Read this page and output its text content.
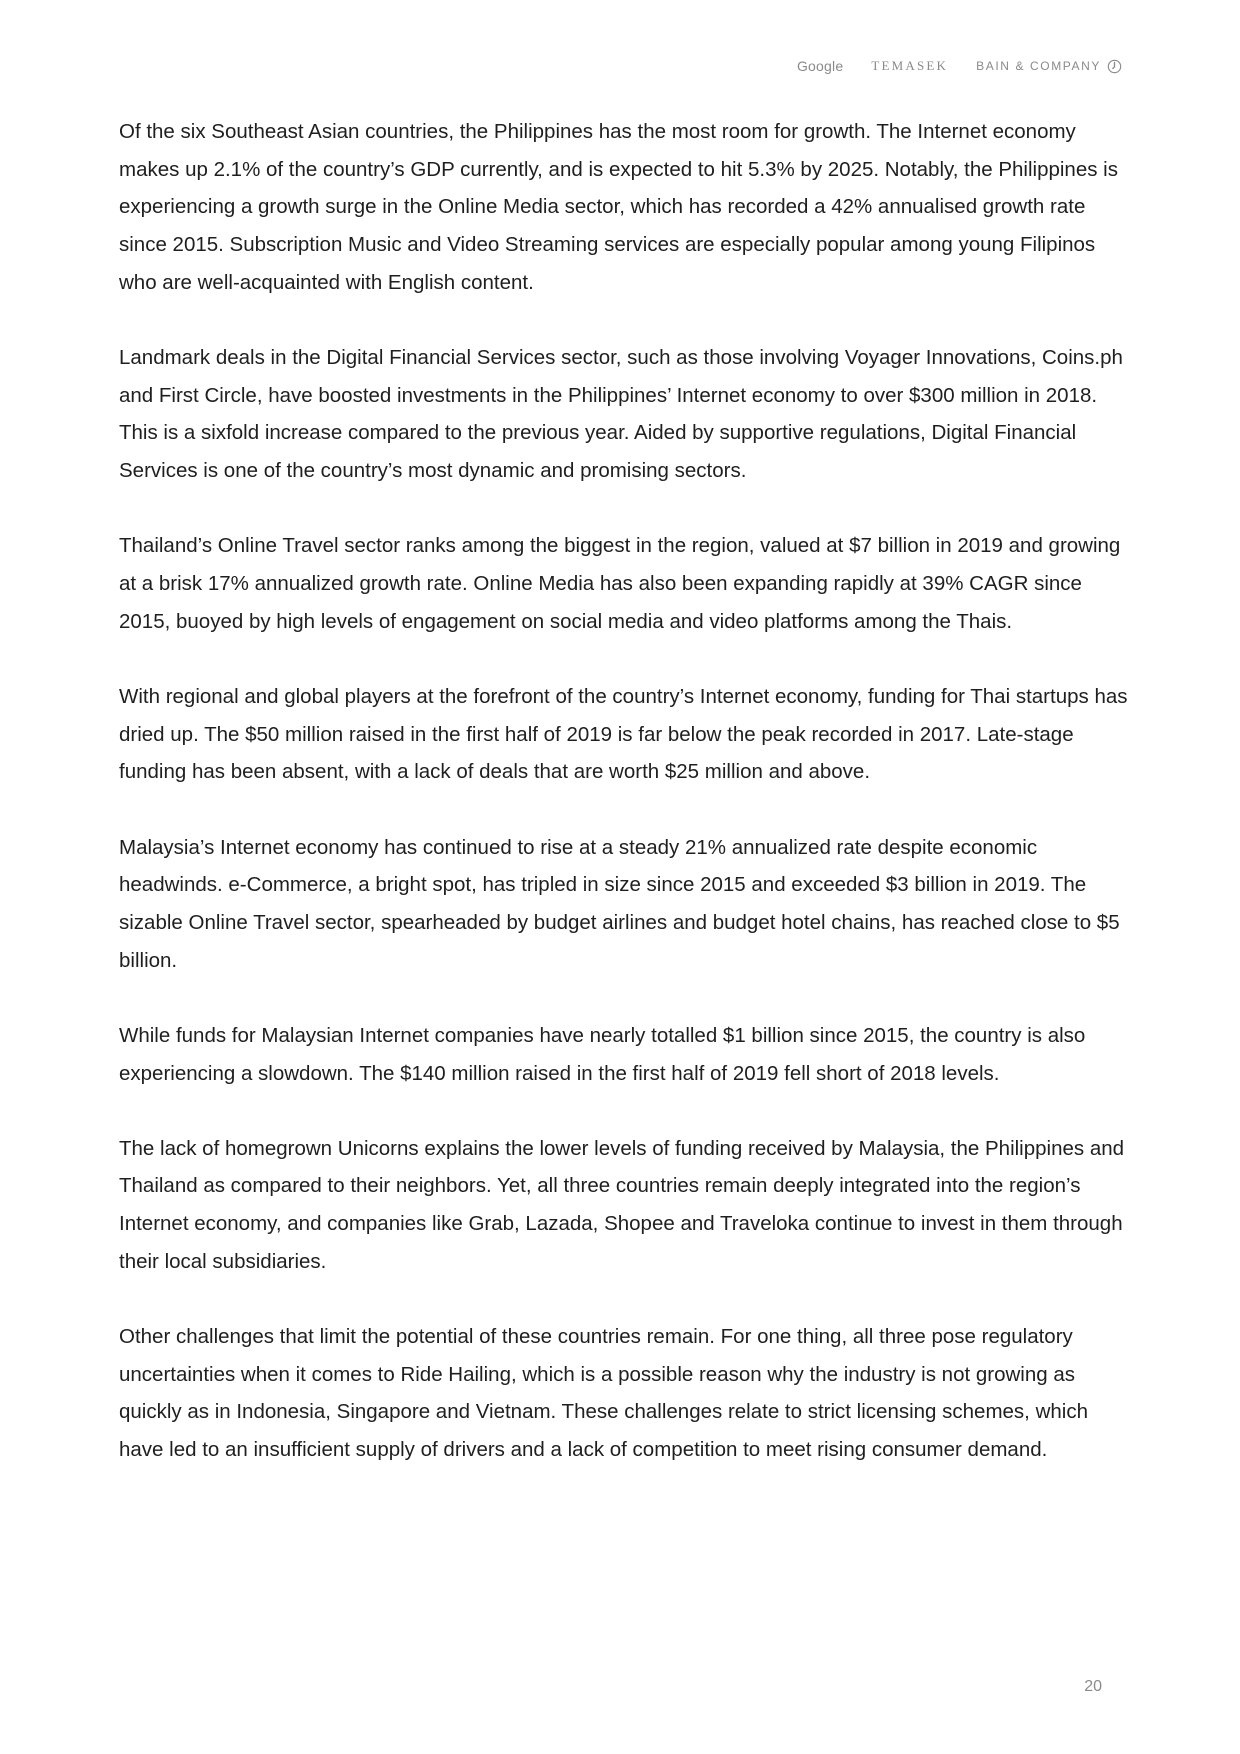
Google TEMASEK BAIN & COMPANY

Of the six Southeast Asian countries, the Philippines has the most room for growth. The Internet economy makes up 2.1% of the country’s GDP currently, and is expected to hit 5.3% by 2025. Notably, the Philippines is experiencing a growth surge in the Online Media sector, which has recorded a 42% annualised growth rate since 2015. Subscription Music and Video Streaming services are especially popular among young Filipinos who are well-acquainted with English content.

Landmark deals in the Digital Financial Services sector, such as those involving Voyager Innovations, Coins.ph and First Circle, have boosted investments in the Philippines’ Internet economy to over $300 million in 2018. This is a sixfold increase compared to the previous year. Aided by supportive regulations, Digital Financial Services is one of the country’s most dynamic and promising sectors.

Thailand’s Online Travel sector ranks among the biggest in the region, valued at $7 billion in 2019 and growing at a brisk 17% annualized growth rate. Online Media has also been expanding rapidly at 39% CAGR since 2015, buoyed by high levels of engagement on social media and video platforms among the Thais.

With regional and global players at the forefront of the country’s Internet economy, funding for Thai startups has dried up. The $50 million raised in the first half of 2019 is far below the peak recorded in 2017. Late-stage funding has been absent, with a lack of deals that are worth $25 million and above.

Malaysia’s Internet economy has continued to rise at a steady 21% annualized rate despite economic headwinds. e-Commerce, a bright spot, has tripled in size since 2015 and exceeded $3 billion in 2019. The sizable Online Travel sector, spearheaded by budget airlines and budget hotel chains, has reached close to $5 billion.

While funds for Malaysian Internet companies have nearly totalled $1 billion since 2015, the country is also experiencing a slowdown. The $140 million raised in the first half of 2019 fell short of 2018 levels.

The lack of homegrown Unicorns explains the lower levels of funding received by Malaysia, the Philippines and Thailand as compared to their neighbors. Yet, all three countries remain deeply integrated into the region’s Internet economy, and companies like Grab, Lazada, Shopee and Traveloka continue to invest in them through their local subsidiaries.

Other challenges that limit the potential of these countries remain. For one thing, all three pose regulatory uncertainties when it comes to Ride Hailing, which is a possible reason why the industry is not growing as quickly as in Indonesia, Singapore and Vietnam. These challenges relate to strict licensing schemes, which have led to an insufficient supply of drivers and a lack of competition to meet rising consumer demand.

20
